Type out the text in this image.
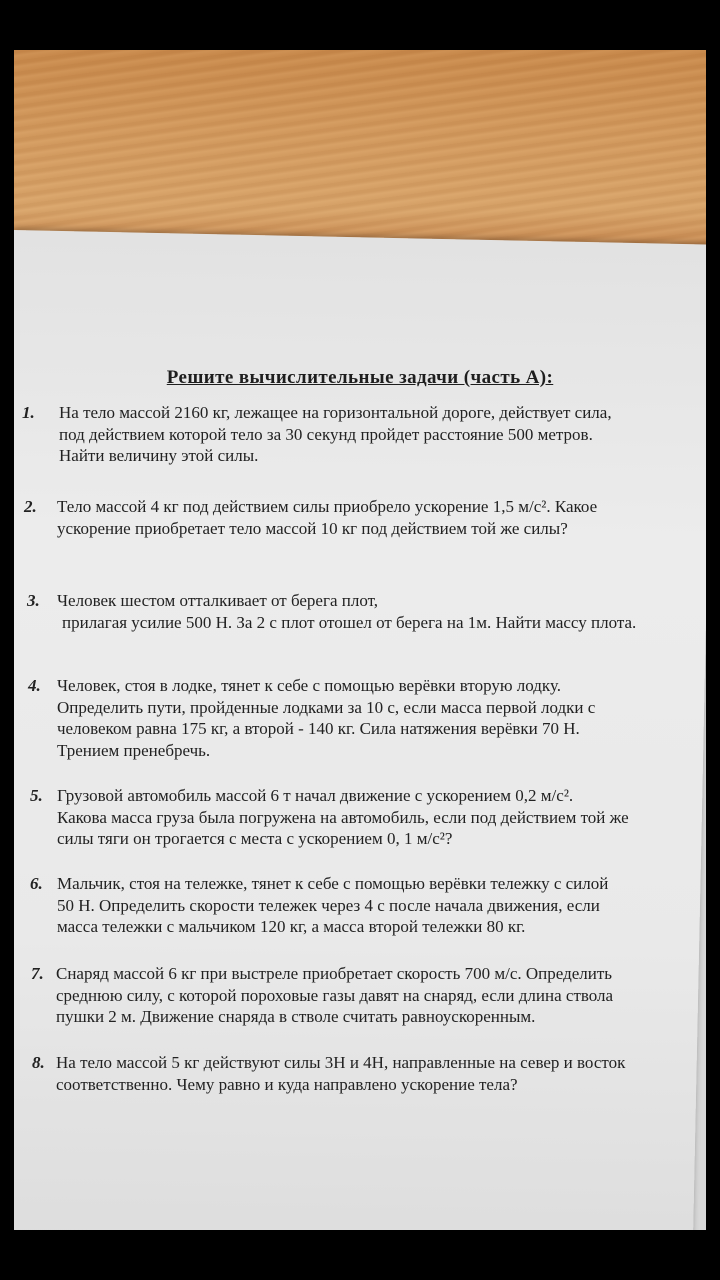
Решите вычислительные задачи (часть А):
1. На тело массой 2160 кг, лежащее на горизонтальной дороге, действует сила,
под действием которой тело за 30 секунд пройдет расстояние 500 метров.
Найти величину этой силы.
2. Тело массой 4 кг под действием силы приобрело ускорение 1,5 м/с². Какое
ускорение приобретает тело массой 10 кг под действием той же силы?
3. Человек шестом отталкивает от берега плот,
прилагая усилие 500 Н. За 2 с плот отошел от берега на 1м. Найти массу плота.
4. Человек, стоя в лодке, тянет к себе с помощью верёвки вторую лодку.
Определить пути, пройденные лодками за 10 с, если масса первой лодки с
человеком равна 175 кг, а второй - 140 кг. Сила натяжения верёвки 70 Н.
Трением пренебречь.
5. Грузовой автомобиль массой 6 т начал движение с ускорением 0,2 м/с².
Какова масса груза была погружена на автомобиль, если под действием той же
силы тяги он трогается с места с ускорением 0, 1 м/с²?
6. Мальчик, стоя на тележке, тянет к себе с помощью верёвки тележку с силой
50 Н. Определить скорости тележек через 4 с после начала движения, если
масса тележки с мальчиком 120 кг, а масса второй тележки 80 кг.
7. Снаряд массой 6 кг при выстреле приобретает скорость 700 м/с. Определить
среднюю силу, с которой пороховые газы давят на снаряд, если длина ствола
пушки 2 м. Движение снаряда в стволе считать равноускоренным.
8. На тело массой 5 кг действуют силы 3Н и 4Н, направленные на север и восток
соответственно. Чему равно и куда направлено ускорение тела?
